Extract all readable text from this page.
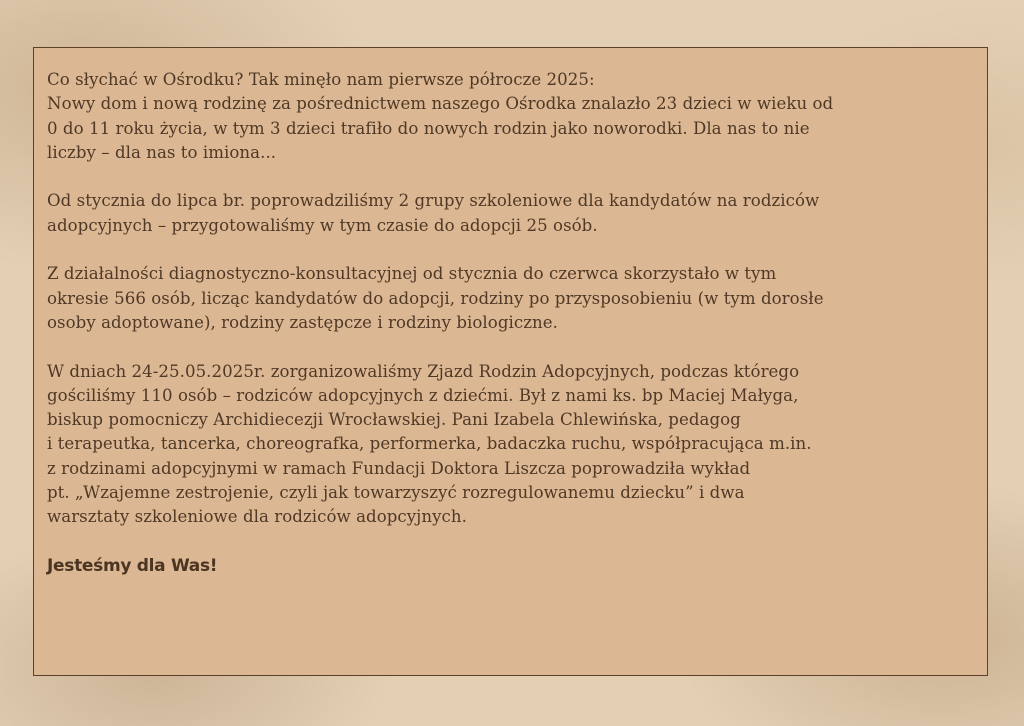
Co słychać w Ośrodku? Tak minęło nam pierwsze półrocze 2025:
Nowy dom i nową rodzinę za pośrednictwem naszego Ośrodka znalazło 23 dzieci w wieku od
0 do 11 roku życia, w tym 3 dzieci trafiło do nowych rodzin jako noworodki. Dla nas to nie
liczby – dla nas to imiona...

Od stycznia do lipca br. poprowadziliśmy 2 grupy szkoleniowe dla kandydatów na rodziców
adopcyjnych – przygotowaliśmy w tym czasie do adopcji 25 osób.

Z działalności diagnostyczno-konsultacyjnej od stycznia do czerwca skorzystało w tym
okresie 566 osób, licząc kandydatów do adopcji, rodziny po przysposobieniu (w tym dorosłe
osoby adoptowane), rodziny zastępcze i rodziny biologiczne.

W dniach 24-25.05.2025r. zorganizowaliśmy Zjazd Rodzin Adopcyjnych, podczas którego
gościliśmy 110 osób – rodziców adopcyjnych z dziećmi. Był z nami ks. bp Maciej Małyga,
biskup pomocniczy Archidiecezji Wrocławskiej. Pani Izabela Chlewińska, pedagog
i terapeutka, tancerka, choreografka, performerka, badaczka ruchu, współpracująca m.in.
z rodzinami adopcyjnymi w ramach Fundacji Doktora Liszcza poprowadziła wykład
pt. „Wzajemne zestrojenie, czyli jak towarzyszyć rozregulowanemu dziecku” i dwa
warsztaty szkoleniowe dla rodziców adopcyjnych.

Jesteśmy dla Was!
